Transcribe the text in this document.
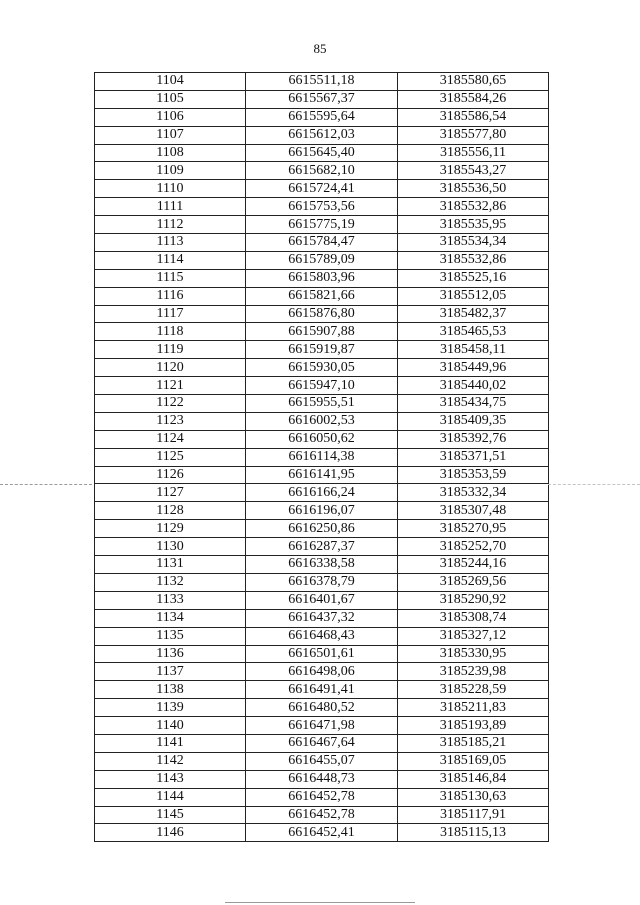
85
1104	6615511,18	3185580,65
1105	6615567,37	3185584,26
1106	6615595,64	3185586,54
1107	6615612,03	3185577,80
1108	6615645,40	3185556,11
1109	6615682,10	3185543,27
1110	6615724,41	3185536,50
1111	6615753,56	3185532,86
1112	6615775,19	3185535,95
1113	6615784,47	3185534,34
1114	6615789,09	3185532,86
1115	6615803,96	3185525,16
1116	6615821,66	3185512,05
1117	6615876,80	3185482,37
1118	6615907,88	3185465,53
1119	6615919,87	3185458,11
1120	6615930,05	3185449,96
1121	6615947,10	3185440,02
1122	6615955,51	3185434,75
1123	6616002,53	3185409,35
1124	6616050,62	3185392,76
1125	6616114,38	3185371,51
1126	6616141,95	3185353,59
1127	6616166,24	3185332,34
1128	6616196,07	3185307,48
1129	6616250,86	3185270,95
1130	6616287,37	3185252,70
1131	6616338,58	3185244,16
1132	6616378,79	3185269,56
1133	6616401,67	3185290,92
1134	6616437,32	3185308,74
1135	6616468,43	3185327,12
1136	6616501,61	3185330,95
1137	6616498,06	3185239,98
1138	6616491,41	3185228,59
1139	6616480,52	3185211,83
1140	6616471,98	3185193,89
1141	6616467,64	3185185,21
1142	6616455,07	3185169,05
1143	6616448,73	3185146,84
1144	6616452,78	3185130,63
1145	6616452,78	3185117,91
1146	6616452,41	3185115,13
